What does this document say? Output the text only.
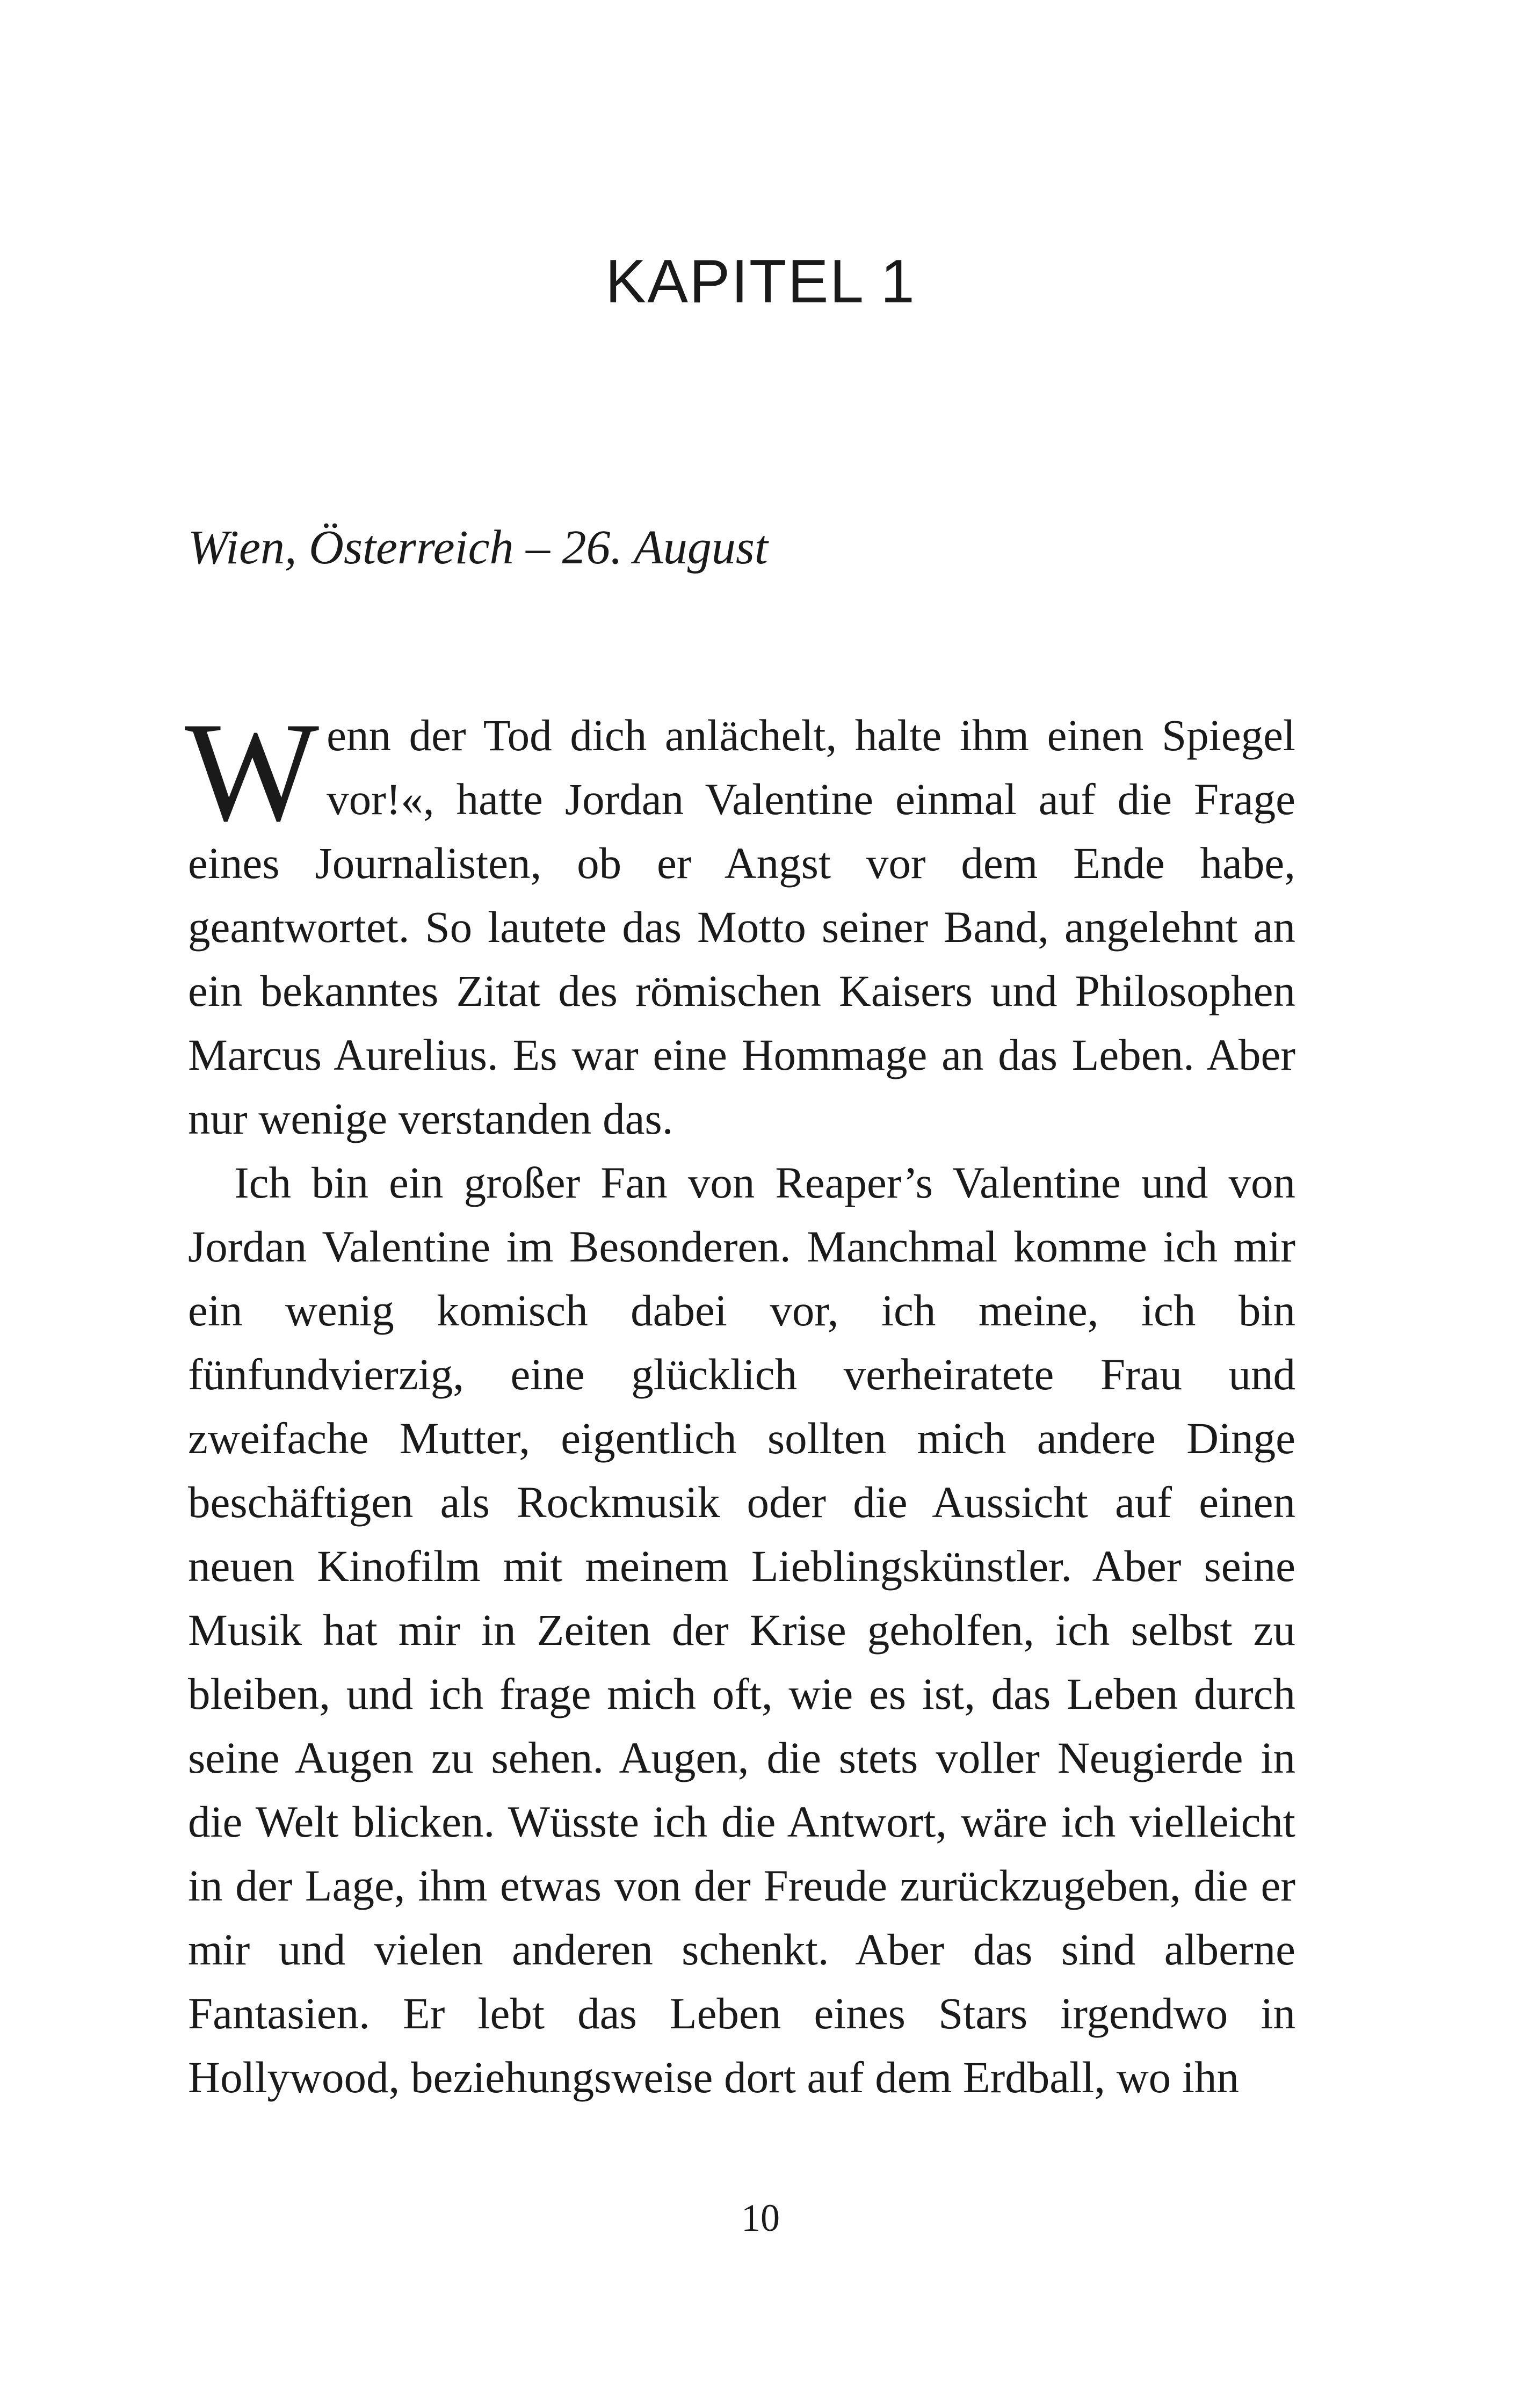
KAPITEL 1
Wien, Österreich – 26. August

Wenn der Tod dich anlächelt, halte ihm einen Spiegel vor!«, hatte Jordan Valentine einmal auf die Frage eines Journalisten, ob er Angst vor dem Ende habe, geantwortet. So lautete das Motto seiner Band, angelehnt an ein bekanntes Zitat des römischen Kaisers und Philosophen Marcus Aurelius. Es war eine Hommage an das Leben. Aber nur wenige verstanden das.

Ich bin ein großer Fan von Reaper’s Valentine und von Jordan Valentine im Besonderen. Manchmal komme ich mir ein wenig komisch dabei vor, ich meine, ich bin fünfundvierzig, eine glücklich verheiratete Frau und zweifache Mutter, eigentlich sollten mich andere Dinge beschäftigen als Rockmusik oder die Aussicht auf einen neuen Kinofilm mit meinem Lieblingskünstler. Aber seine Musik hat mir in Zeiten der Krise geholfen, ich selbst zu bleiben, und ich frage mich oft, wie es ist, das Leben durch seine Augen zu sehen. Augen, die stets voller Neugierde in die Welt blicken. Wüsste ich die Antwort, wäre ich vielleicht in der Lage, ihm etwas von der Freude zurückzugeben, die er mir und vielen anderen schenkt. Aber das sind alberne Fantasien. Er lebt das Leben eines Stars irgendwo in Hollywood, beziehungsweise dort auf dem Erdball, wo ihn

10
